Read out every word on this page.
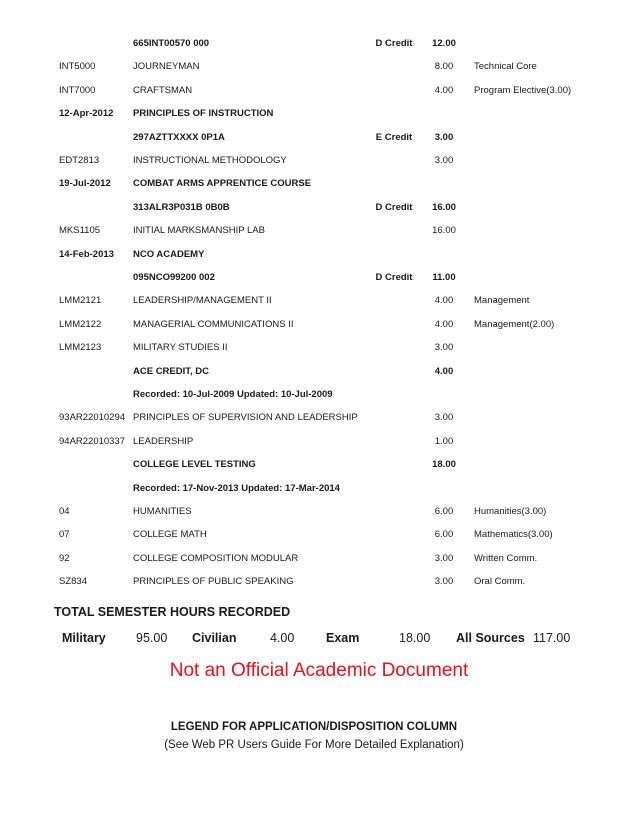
665INT00570 000	D Credit	12.00
INT5000	JOURNEYMAN	8.00	Technical Core
INT7000	CRAFTSMAN	4.00	Program Elective(3.00)
12-Apr-2012 PRINCIPLES OF INSTRUCTION
297AZTTXXXX 0P1A	E Credit	3.00
EDT2813	INSTRUCTIONAL METHODOLOGY	3.00
19-Jul-2012 COMBAT ARMS APPRENTICE COURSE
313ALR3P031B 0B0B	D Credit	16.00
MKS1105	INITIAL MARKSMANSHIP LAB	16.00
14-Feb-2013 NCO ACADEMY
095NCO99200 002	D Credit	11.00
LMM2121	LEADERSHIP/MANAGEMENT II	4.00	Management
LMM2122	MANAGERIAL COMMUNICATIONS II	4.00	Management(2.00)
LMM2123	MILITARY STUDIES II	3.00
ACE CREDIT, DC	4.00
Recorded: 10-Jul-2009 Updated: 10-Jul-2009
93AR22010294 PRINCIPLES OF SUPERVISION AND LEADERSHIP	3.00
94AR22010337 LEADERSHIP	1.00
COLLEGE LEVEL TESTING	18.00
Recorded: 17-Nov-2013 Updated: 17-Mar-2014
04	HUMANITIES	6.00	Humanities(3.00)
07	COLLEGE MATH	6.00	Mathematics(3.00)
92	COLLEGE COMPOSITION MODULAR	3.00	Written Comm.
SZ834	PRINCIPLES OF PUBLIC SPEAKING	3.00	Oral Comm.
TOTAL SEMESTER HOURS RECORDED
Military 95.00 Civilian	4.00	Exam	18.00 All Sources 117.00
Not an Official Academic Document
LEGEND FOR APPLICATION/DISPOSITION COLUMN
(See Web PR Users Guide For More Detailed Explanation)
